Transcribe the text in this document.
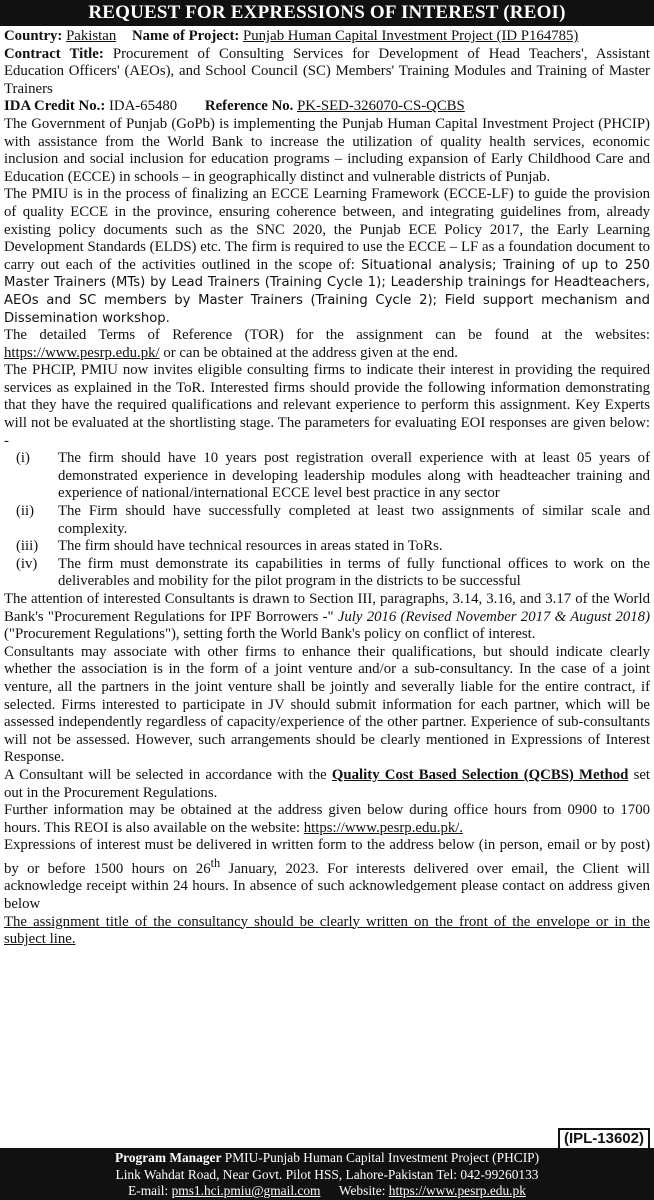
REQUEST FOR EXPRESSIONS OF INTEREST (REOI)

Country: Pakistan Name of Project: Punjab Human Capital Investment Project (ID P164785)

Contract Title: Procurement of Consulting Services for Development of Head Teachers', Assistant Education Officers' (AEOs), and School Council (SC) Members' Training Modules and Training of Master Trainers

IDA Credit No.: IDA-65480 Reference No. PK-SED-326070-CS-QCBS

The Government of Punjab (GoPb) is implementing the Punjab Human Capital Investment Project (PHCIP) with assistance from the World Bank to increase the utilization of quality health services, economic inclusion and social inclusion for education programs – including expansion of Early Childhood Care and Education (ECCE) in schools – in geographically distinct and vulnerable districts of Punjab.

The PMIU is in the process of finalizing an ECCE Learning Framework (ECCE-LF) to guide the provision of quality ECCE in the province, ensuring coherence between, and integrating guidelines from, already existing policy documents such as the SNC 2020, the Punjab ECE Policy 2017, the Early Learning Development Standards (ELDS) etc. The firm is required to use the ECCE – LF as a foundation document to carry out each of the activities outlined in the scope of: Situational analysis; Training of up to 250 Master Trainers (MTs) by Lead Trainers (Training Cycle 1); Leadership trainings for Headteachers, AEOs and SC members by Master Trainers (Training Cycle 2); Field support mechanism and Dissemination workshop.

The detailed Terms of Reference (TOR) for the assignment can be found at the websites: https://www.pesrp.edu.pk/ or can be obtained at the address given at the end.

The PHCIP, PMIU now invites eligible consulting firms to indicate their interest in providing the required services as explained in the ToR. Interested firms should provide the following information demonstrating that they have the required qualifications and relevant experience to perform this assignment. Key Experts will not be evaluated at the shortlisting stage. The parameters for evaluating EOI responses are given below: -

(i)	The firm should have 10 years post registration overall experience with at least 05 years of demonstrated experience in developing leadership modules along with headteacher training and experience of national/international ECCE level best practice in any sector
(ii)	The Firm should have successfully completed at least two assignments of similar scale and complexity.
(iii)	The firm should have technical resources in areas stated in ToRs.
(iv)	The firm must demonstrate its capabilities in terms of fully functional offices to work on the deliverables and mobility for the pilot program in the districts to be successful

The attention of interested Consultants is drawn to Section III, paragraphs, 3.14, 3.16, and 3.17 of the World Bank's "Procurement Regulations for IPF Borrowers -" July 2016 (Revised November 2017 & August 2018) ("Procurement Regulations"), setting forth the World Bank's policy on conflict of interest.

Consultants may associate with other firms to enhance their qualifications, but should indicate clearly whether the association is in the form of a joint venture and/or a sub-consultancy. In the case of a joint venture, all the partners in the joint venture shall be jointly and severally liable for the entire contract, if selected. Firms interested to participate in JV should submit information for each partner, which will be assessed independently regardless of capacity/experience of the other partner. Experience of sub-consultants will not be assessed. However, such arrangements should be clearly mentioned in Expressions of Interest Response.

A Consultant will be selected in accordance with the Quality Cost Based Selection (QCBS) Method set out in the Procurement Regulations.

Further information may be obtained at the address given below during office hours from 0900 to 1700 hours. This REOI is also available on the website: https://www.pesrp.edu.pk/.

Expressions of interest must be delivered in written form to the address below (in person, email or by post) by or before 1500 hours on 26th January, 2023. For interests delivered over email, the Client will acknowledge receipt within 24 hours. In absence of such acknowledgement please contact on address given below

The assignment title of the consultancy should be clearly written on the front of the envelope or in the subject line.

(IPL-13602)
Program Manager PMIU-Punjab Human Capital Investment Project (PHCIP)
Link Wahdat Road, Near Govt. Pilot HSS, Lahore-Pakistan Tel: 042-99260133
E-mail: pms1.hci.pmiu@gmail.com Website: https://www.pesrp.edu.pk
